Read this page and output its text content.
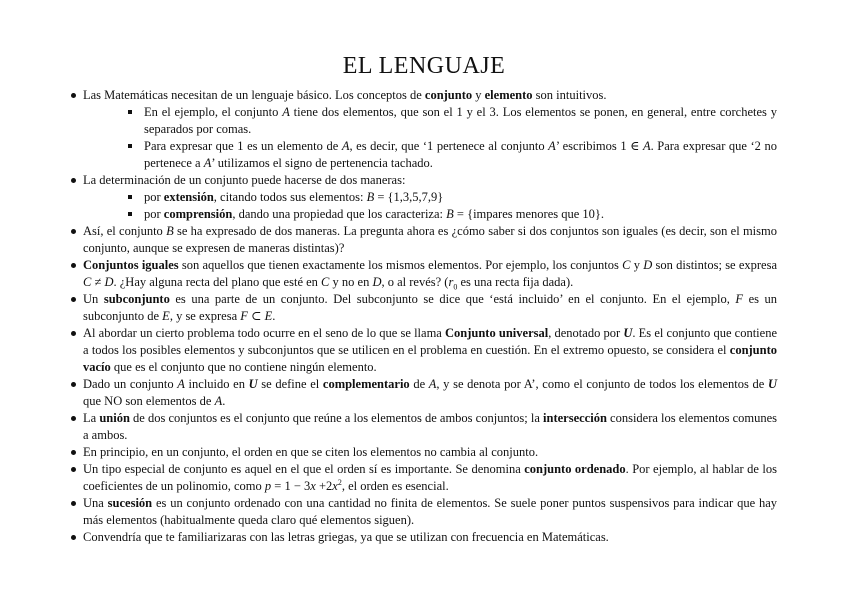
EL LENGUAJE
Las Matemáticas necesitan de un lenguaje básico. Los conceptos de conjunto y elemento son intuitivos.
En el ejemplo, el conjunto A tiene dos elementos, que son el 1 y el 3. Los elementos se ponen, en general, entre corchetes y separados por comas.
Para expresar que 1 es un elemento de A, es decir, que ‘1 pertenece al conjunto A’ escribimos 1 ∈ A. Para expresar que ‘2 no pertenece a A’ utilizamos el signo de pertenencia tachado.
La determinación de un conjunto puede hacerse de dos maneras:
por extensión, citando todos sus elementos: B = {1,3,5,7,9}
por comprensión, dando una propiedad que los caracteriza: B = {impares menores que 10}.
Así, el conjunto B se ha expresado de dos maneras. La pregunta ahora es ¿cómo saber si dos conjuntos son iguales (es decir, son el mismo conjunto, aunque se expresen de maneras distintas)?
Conjuntos iguales son aquellos que tienen exactamente los mismos elementos. Por ejemplo, los conjuntos C y D son distintos; se expresa C ≠ D. ¿Hay alguna recta del plano que esté en C y no en D, o al revés? ($r_0$ es una recta fija dada).
Un subconjunto es una parte de un conjunto. Del subconjunto se dice que ‘está incluido’ en el conjunto. En el ejemplo, F es un subconjunto de E, y se expresa F ⊂ E.
Al abordar un cierto problema todo ocurre en el seno de lo que se llama Conjunto universal, denotado por U. Es el conjunto que contiene a todos los posibles elementos y subconjuntos que se utilicen en el problema en cuestión. En el extremo opuesto, se considera el conjunto vacío que es el conjunto que no contiene ningún elemento.
Dado un conjunto A incluido en U se define el complementario de A, y se denota por A’, como el conjunto de todos los elementos de U que NO son elementos de A.
La unión de dos conjuntos es el conjunto que reúne a los elementos de ambos conjuntos; la intersección considera los elementos comunes a ambos.
En principio, en un conjunto, el orden en que se citen los elementos no cambia al conjunto.
Un tipo especial de conjunto es aquel en el que el orden sí es importante. Se denomina conjunto ordenado. Por ejemplo, al hablar de los coeficientes de un polinomio, como $p = 1 - 3x +2x^2$, el orden es esencial.
Una sucesión es un conjunto ordenado con una cantidad no finita de elementos. Se suele poner puntos suspensivos para indicar que hay más elementos (habitualmente queda claro qué elementos siguen).
Convendría que te familiarizaras con las letras griegas, ya que se utilizan con frecuencia en Matemáticas.
